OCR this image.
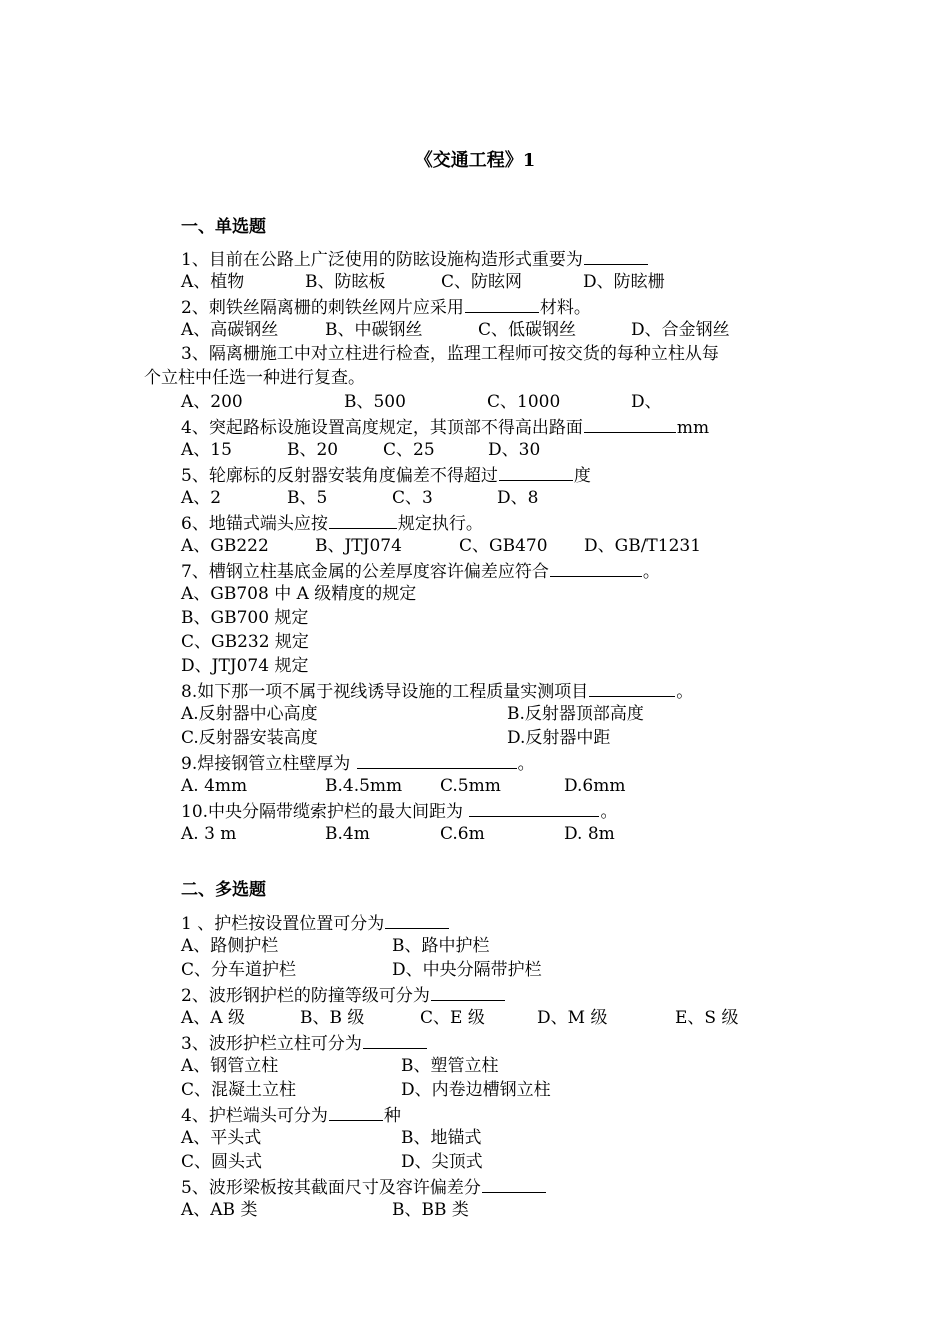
《交通工程》1
一、单选题
1、目前在公路上广泛使用的防眩设施构造形式重要为
A、植物	B、防眩板	C、防眩网	D、防眩栅
2、刺铁丝隔离栅的刺铁丝网片应采用	材料。
A、高碳钢丝	B、中碳钢丝	C、低碳钢丝	D、合金钢丝
3、隔离栅施工中对立柱进行检查，监理工程师可按交货的每种立柱从每
个立柱中任选一种进行复查。
A、200	B、500	C、1000	D、
4、突起路标设施设置高度规定，其顶部不得高出路面	mm
A、15	B、20	C、25	D、30
5、轮廓标的反射器安装角度偏差不得超过	度
A、2	B、5	C、3	D、8
6、地锚式端头应按	规定执行。
A、GB222	B、JTJ074	C、GB470 D、GB/T1231
7、槽钢立柱基底金属的公差厚度容许偏差应符合	。
A、GB708 中 A 级精度的规定
B、GB700 规定
C、GB232 规定
D、JTJ074 规定
8.如下那一项不属于视线诱导设施的工程质量实测项目	。
A.反射器中心高度	B.反射器顶部高度
C.反射器安装高度	D.反射器中距
9.焊接钢管立柱壁厚为	。
A. 4mm	B.4.5mm C.5mm	D.6mm
10.中央分隔带缆索护栏的最大间距为	。
A. 3 m	B.4m	C.6m	D. 8m
二、多选题
1 、护栏按设置位置可分为
A、路侧护栏	B、路中护栏
C、分车道护栏	D、中央分隔带护栏
2、波形钢护栏的防撞等级可分为
A、A 级	B、B 级	C、E 级	D、M 级	E、S 级
3、波形护栏立柱可分为
A、钢管立柱	B、塑管立柱
C、混凝土立柱	D、内卷边槽钢立柱
4、护栏端头可分为	种
A、平头式	B、地锚式
C、圆头式	D、尖顶式
5、波形梁板按其截面尺寸及容许偏差分
A、AB 类	B、BB 类
